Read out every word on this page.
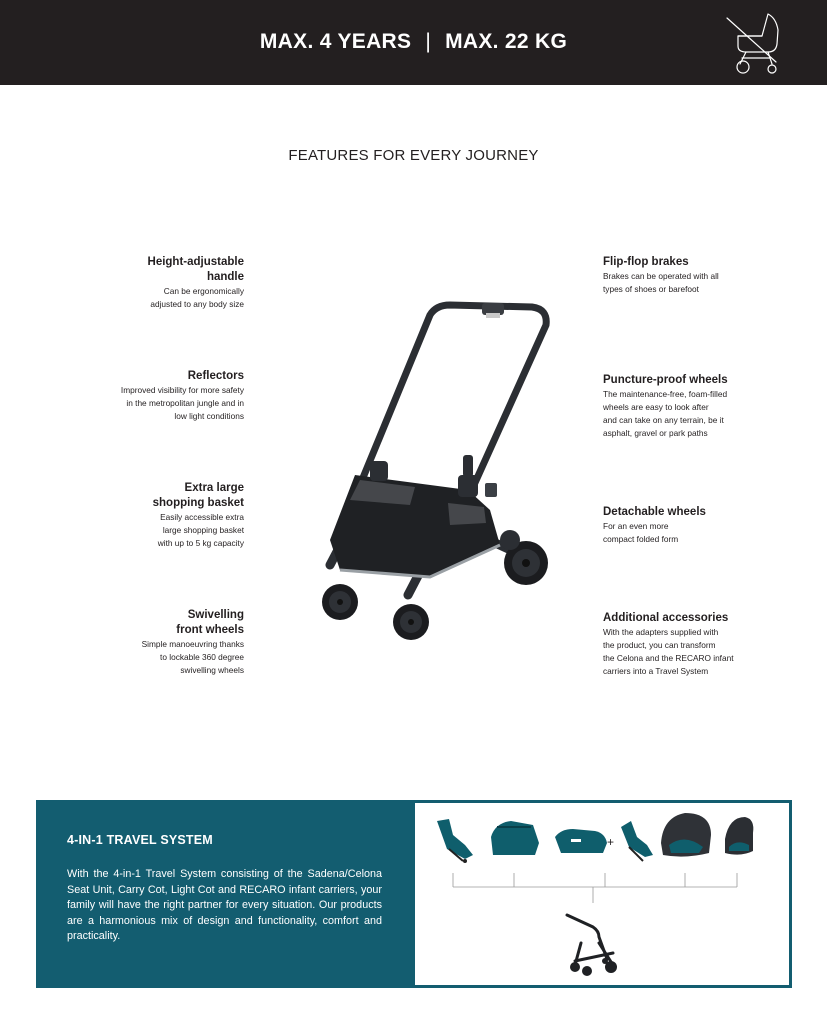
MAX. 4 YEARS | MAX. 22 KG
FEATURES FOR EVERY JOURNEY
Height-adjustable
handle

Can be ergonomically
adjusted to any body size

Reflectors

Improved visibility for more safety
in the metropolitan jungle and in
low light conditions

Extra large
shopping basket

Easily accessible extra
large shopping basket
with up to 5 kg capacity

Swivelling
front wheels

Simple manoeuvring thanks
to lockable 360 degree
swivelling wheels

Flip-flop brakes

Brakes can be operated with all
types of shoes or barefoot

Puncture-proof wheels

The maintenance-free, foam-filled
wheels are easy to look after
and can take on any terrain, be it
asphalt, gravel or park paths

Detachable wheels

For an even more
compact folded form

Additional accessories

With the adapters supplied with
the product, you can transform
the Celona and the RECARO infant
carriers into a Travel System

4-IN-1 TRAVEL SYSTEM
With the 4-in-1 Travel System consisting of the Sadena/Celona Seat Unit, Carry Cot, Light Cot and RECARO infant carriers, your family will have the right partner for every situation. Our products are a harmonious mix of design and functionality, comfort and practicality.
+
